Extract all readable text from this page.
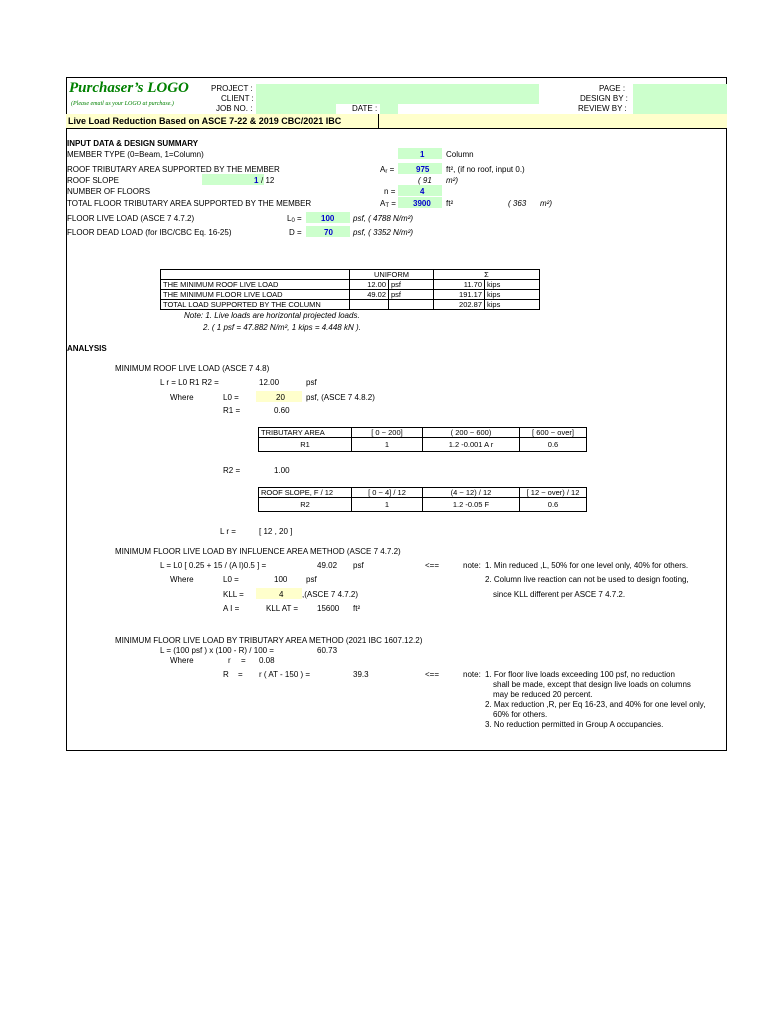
Purchaser’s LOGO
(Please email us your LOGO at purchase.)
PROJECT :
CLIENT :
JOB NO. :	DATE :
PAGE :
DESIGN BY :
REVIEW BY :
Live Load Reduction Based on ASCE 7-22 & 2019 CBC/2021 IBC
INPUT DATA & DESIGN SUMMARY
MEMBER TYPE (0=Beam, 1=Column)	1	Column
ROOF TRIBUTARY AREA SUPPORTED BY THE MEMBER	Ar =	975 ft², (if no roof, input 0.)
ROOF SLOPE	1 / 12	( 91 m²)
NUMBER OF FLOORS	n =	4
TOTAL FLOOR TRIBUTARY AREA SUPPORTED BY THE MEMBER	AT = 3900 ft²	( 363 m²)
FLOOR LIVE LOAD (ASCE 7 4.7.2)	L0 = 100 psf, ( 4788 N/m²)
FLOOR DEAD LOAD (for IBC/CBC Eq. 16-25)	D =	70	psf, ( 3352 N/m²)
	UNIFORM		Σ	
THE MINIMUM ROOF LIVE LOAD	12.00	psf	11.70	kips
THE MINIMUM FLOOR LIVE LOAD	49.02	psf	191.17	kips
TOTAL LOAD SUPPORTED BY THE COLUMN			202.87	kips
Note: 1. Live loads are horizontal projected loads.
2. ( 1 psf = 47.882 N/m², 1 kips = 4.448 kN ).
ANALYSIS
MINIMUM ROOF LIVE LOAD (ASCE 7 4.8)
L r = L0 R1 R2 =	12.00	psf
Where	L0 =	20	psf, (ASCE 7 4.8.2)
R1 =	0.60
TRIBUTARY AREA	[ 0 ~ 200]	( 200 ~ 600)	[ 600 ~ over]
R1	1	1.2 -0.001 A r	0.6
R2 =	1.00
ROOF SLOPE, F / 12	[ 0 ~ 4] / 12	(4 ~ 12) / 12	[ 12 ~ over) / 12
R2	1	1.2 -0.05 F	0.6
L r =	[ 12 , 20 ]
MINIMUM FLOOR LIVE LOAD BY INFLUENCE AREA METHOD (ASCE 7 4.7.2)
L = L0 [ 0.25 + 15 / (A I)0.5 ] =	49.02 psf	<==	note: 1. Min reduced ,L, 50% for one level only, 40% for others.
Where	L0 =	100 psf	2. Column live reaction can not be used to design footing,
KLL =	4 ,(ASCE 7 4.7.2)	since KLL different per ASCE 7 4.7.2.
A I =	KLL AT = 15600 ft²
MINIMUM FLOOR LIVE LOAD BY TRIBUTARY AREA METHOD (2021 IBC 1607.12.2)
L = (100 psf ) x (100 - R) / 100 =	60.73
Where	r = 0.08
R = r ( AT - 150 ) =	39.3	<==	note: 1. For floor live loads exceeding 100 psf, no reduction
shall be made, except that design live loads on columns
may be reduced 20 percent.
2. Max reduction ,R, per Eq 16-23, and 40% for one level only,
60% for others.
3. No reduction permitted in Group A occupancies.
